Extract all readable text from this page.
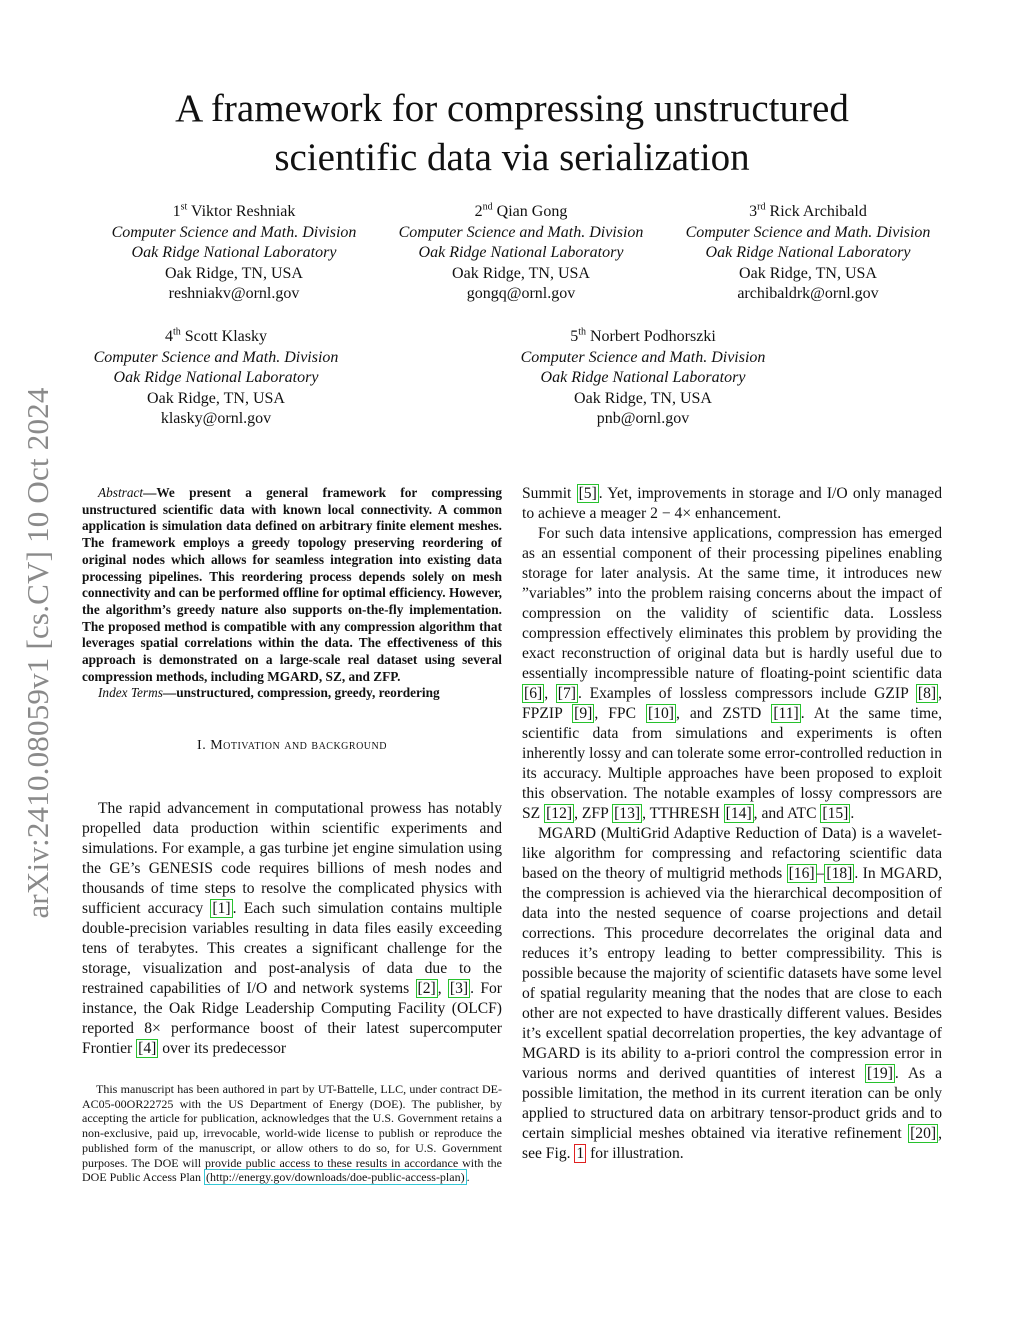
arXiv:2410.08059v1 [cs.CV] 10 Oct 2024
A framework for compressing unstructured scientific data via serialization
1st Viktor Reshniak
Computer Science and Math. Division
Oak Ridge National Laboratory
Oak Ridge, TN, USA
reshniakv@ornl.gov
2nd Qian Gong
Computer Science and Math. Division
Oak Ridge National Laboratory
Oak Ridge, TN, USA
gongq@ornl.gov
3rd Rick Archibald
Computer Science and Math. Division
Oak Ridge National Laboratory
Oak Ridge, TN, USA
archibaldrk@ornl.gov
4th Scott Klasky
Computer Science and Math. Division
Oak Ridge National Laboratory
Oak Ridge, TN, USA
klasky@ornl.gov
5th Norbert Podhorszki
Computer Science and Math. Division
Oak Ridge National Laboratory
Oak Ridge, TN, USA
pnb@ornl.gov

Abstract—We present a general framework for compressing unstructured scientific data with known local connectivity. A common application is simulation data defined on arbitrary finite element meshes. The framework employs a greedy topology preserving reordering of original nodes which allows for seamless integration into existing data processing pipelines. This reordering process depends solely on mesh connectivity and can be performed offline for optimal efficiency. However, the algorithm’s greedy nature also supports on-the-fly implementation. The proposed method is compatible with any compression algorithm that leverages spatial correlations within the data. The effectiveness of this approach is demonstrated on a large-scale real dataset using several compression methods, including MGARD, SZ, and ZFP.

Index Terms—unstructured, compression, greedy, reordering

I. Motivation and background

The rapid advancement in computational prowess has notably propelled data production within scientific experiments and simulations. For example, a gas turbine jet engine simulation using the GE’s GENESIS code requires billions of mesh nodes and thousands of time steps to resolve the complicated physics with sufficient accuracy [1] . Each such simulation contains multiple double-precision variables resulting in data files easily exceeding tens of terabytes. This creates a significant challenge for the storage, visualization and post-analysis of data due to the restrained capabilities of I/O and network systems [2] , [3] . For instance, the Oak Ridge Leadership Computing Facility (OLCF) reported 8× performance boost of their latest supercomputer Frontier [4] over its predecessor

This manuscript has been authored in part by UT-Battelle, LLC, under contract DE-AC05-00OR22725 with the US Department of Energy (DOE). The publisher, by accepting the article for publication, acknowledges that the U.S. Government retains a non-exclusive, paid up, irrevocable, world-wide license to publish or reproduce the published form of the manuscript, or allow others to do so, for U.S. Government purposes. The DOE will provide public access to these results in accordance with the DOE Public Access Plan (http://energy.gov/downloads/doe-public-access-plan) .

Summit [5] . Yet, improvements in storage and I/O only managed to achieve a meager 2 − 4× enhancement.

For such data intensive applications, compression has emerged as an essential component of their processing pipelines enabling storage for later analysis. At the same time, it introduces new ”variables” into the problem raising concerns about the impact of compression on the validity of scientific data. Lossless compression effectively eliminates this problem by providing the exact reconstruction of original data but is hardly useful due to essentially incompressible nature of floating-point scientific data [6] , [7] . Examples of lossless compressors include GZIP [8] , FPZIP [9] , FPC [10] , and ZSTD [11] . At the same time, scientific data from simulations and experiments is often inherently lossy and can tolerate some error-controlled reduction in its accuracy. Multiple approaches have been proposed to exploit this observation. The notable examples of lossy compressors are SZ [12] , ZFP [13] , TTHRESH [14] , and ATC [15] .

MGARD (MultiGrid Adaptive Reduction of Data) is a wavelet-like algorithm for compressing and refactoring scientific data based on the theory of multigrid methods [16] – [18] . In MGARD, the compression is achieved via the hierarchical decomposition of data into the nested sequence of coarse projections and detail corrections. This procedure decorrelates the original data and reduces it’s entropy leading to better compressibility. This is possible because the majority of scientific datasets have some level of spatial regularity meaning that the nodes that are close to each other are not expected to have drastically different values. Besides it’s excellent spatial decorrelation properties, the key advantage of MGARD is its ability to a-priori control the compression error in various norms and derived quantities of interest [19] . As a possible limitation, the method in its current iteration can be only applied to structured data on arbitrary tensor-product grids and to certain simplicial meshes obtained via iterative refinement [20] , see Fig. 1 for illustration.
